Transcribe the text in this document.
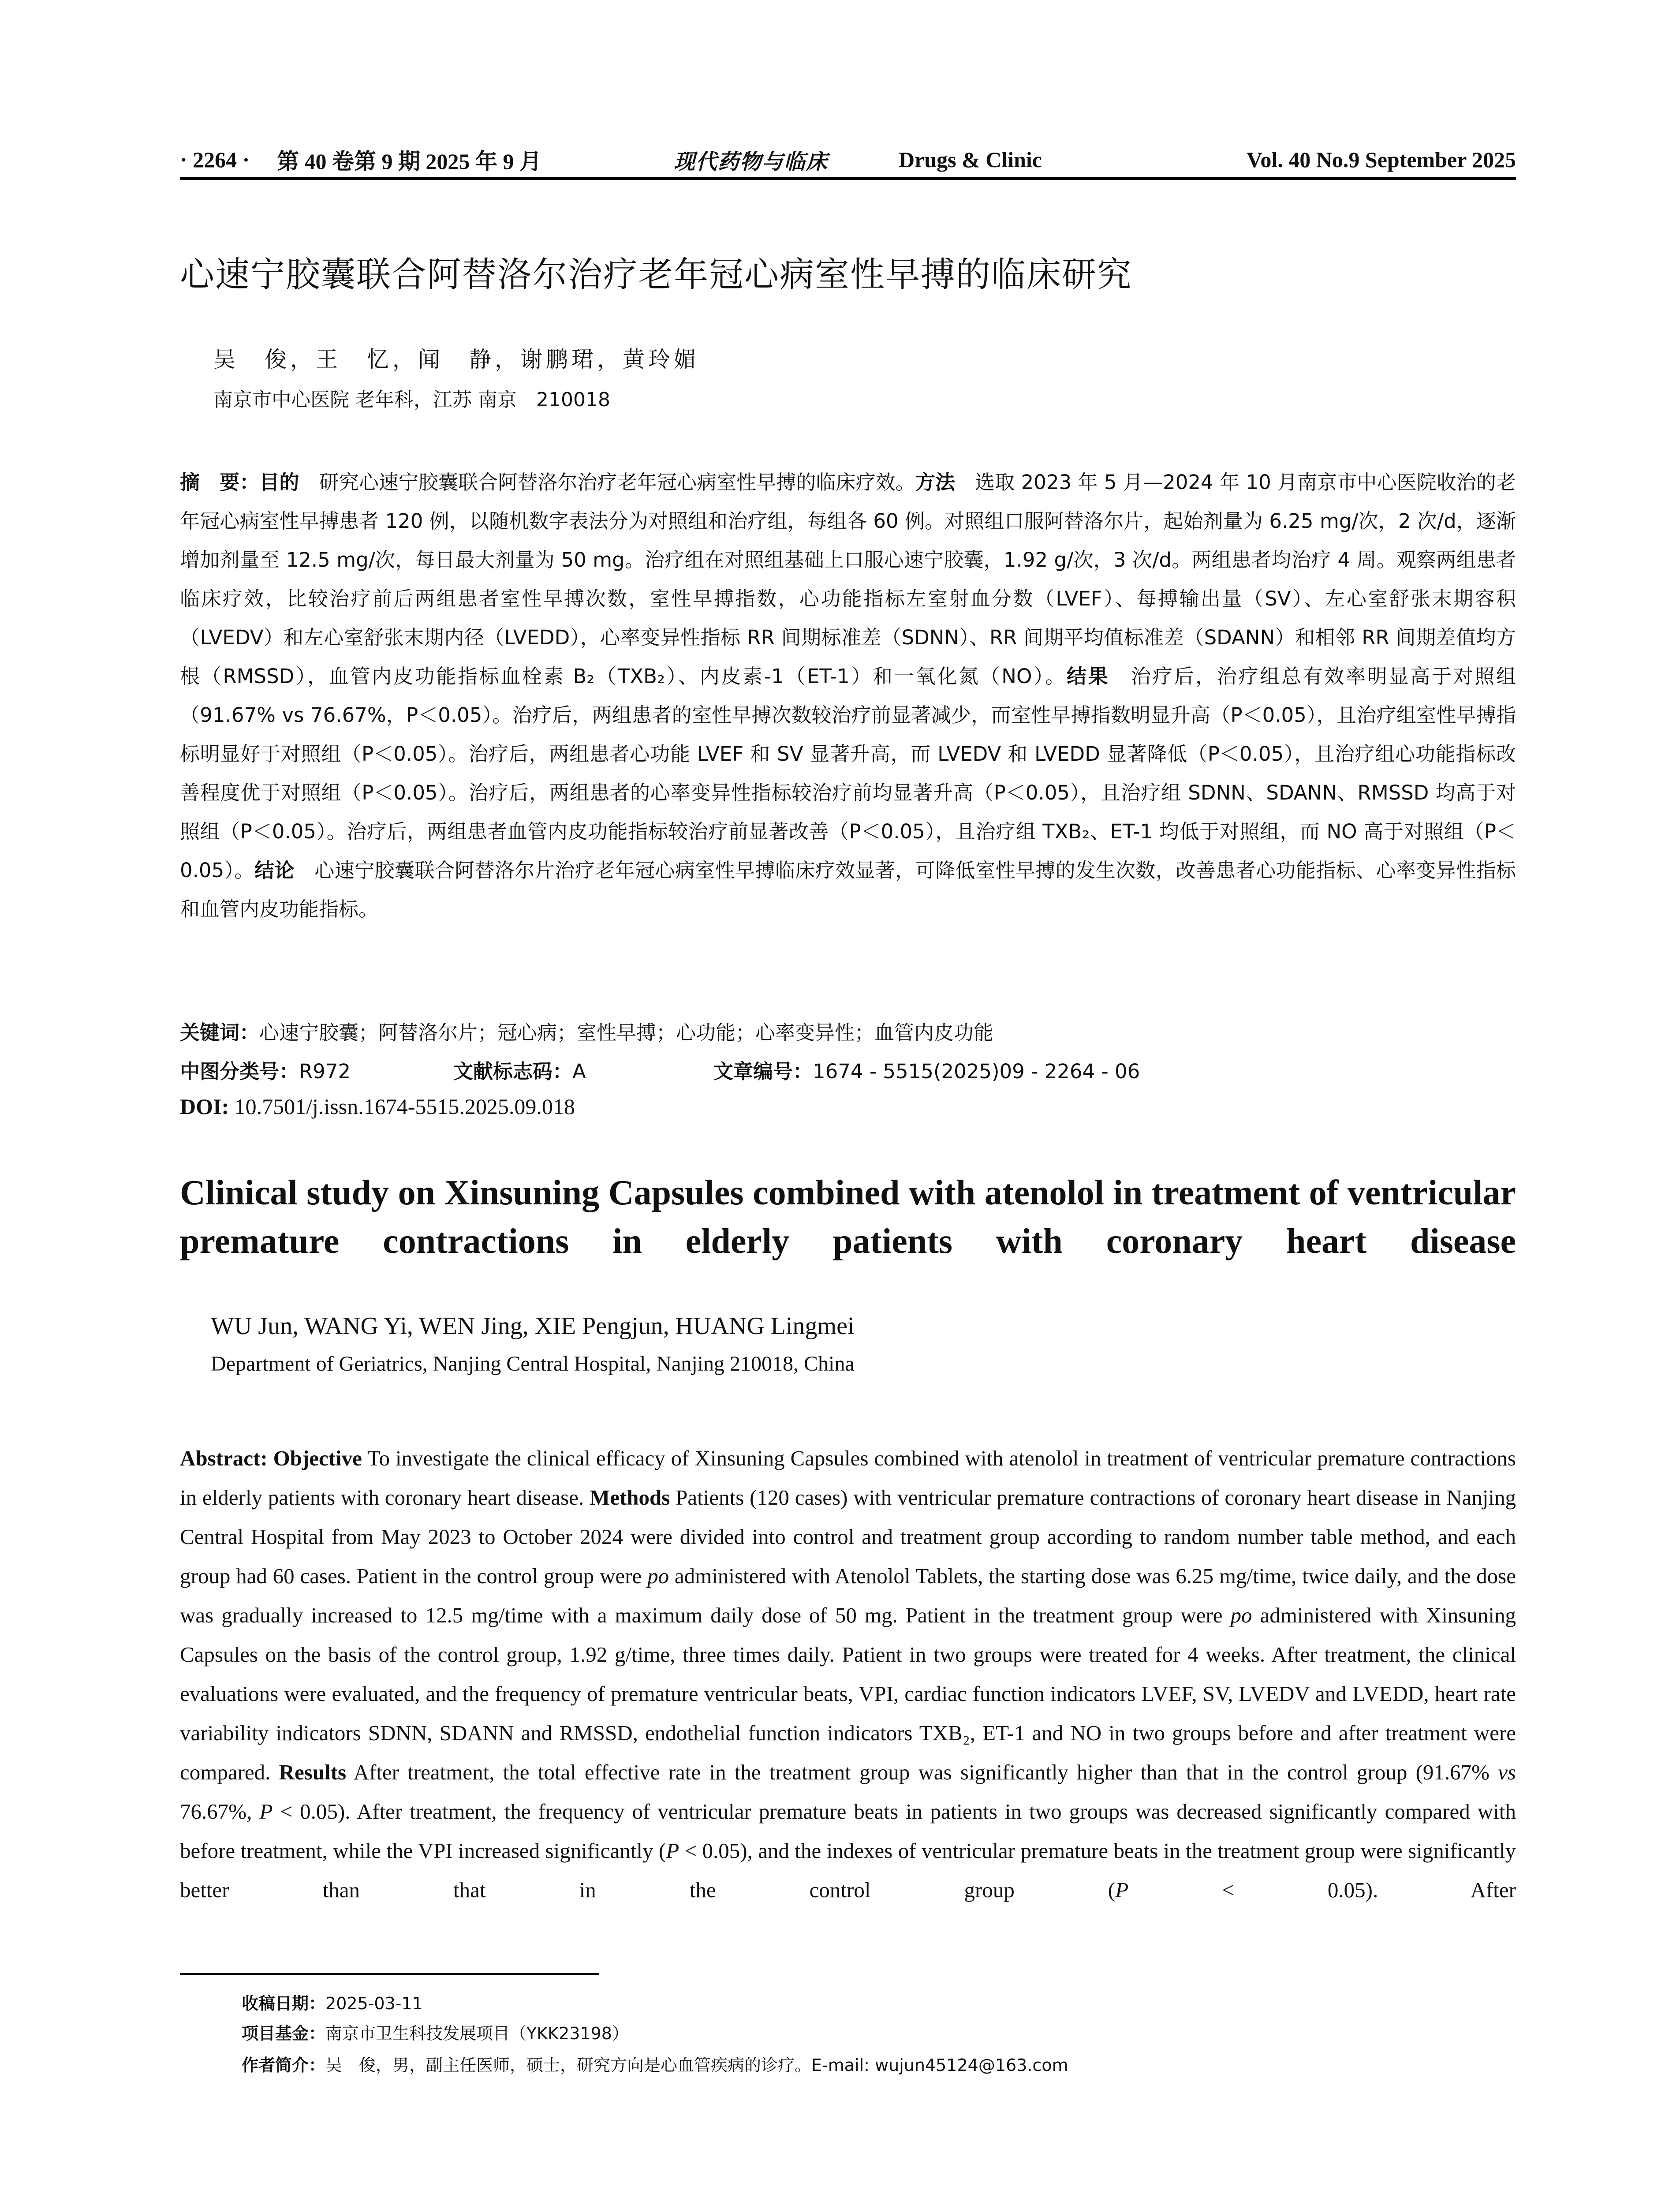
· 2264 ·	第 40 卷第 9 期 2025 年 9 月	现代药物与临床	Drugs & Clinic	Vol. 40 No.9 September 2025
心速宁胶囊联合阿替洛尔治疗老年冠心病室性早搏的临床研究
吴　俊，王　忆，闻　静，谢鹏珺，黄玲媚
南京市中心医院 老年科，江苏 南京　210018
摘　要：目的　研究心速宁胶囊联合阿替洛尔治疗老年冠心病室性早搏的临床疗效。方法　选取 2023 年 5 月—2024 年 10 月南京市中心医院收治的老年冠心病室性早搏患者 120 例，以随机数字表法分为对照组和治疗组，每组各 60 例。对照组口服阿替洛尔片，起始剂量为 6.25 mg/次，2 次/d，逐渐增加剂量至 12.5 mg/次，每日最大剂量为 50 mg。治疗组在对照组基础上口服心速宁胶囊，1.92 g/次，3 次/d。两组患者均治疗 4 周。观察两组患者临床疗效，比较治疗前后两组患者室性早搏次数，室性早搏指数，心功能指标左室射血分数（LVEF）、每搏输出量（SV）、左心室舒张末期容积（LVEDV）和左心室舒张末期内径（LVEDD），心率变异性指标 RR 间期标准差（SDNN）、RR 间期平均值标准差（SDANN）和相邻 RR 间期差值均方根（RMSSD），血管内皮功能指标血栓素 B₂（TXB₂）、内皮素-1（ET-1）和一氧化氮（NO）。结果　治疗后，治疗组总有效率明显高于对照组（91.67% vs 76.67%，P＜0.05）。治疗后，两组患者的室性早搏次数较治疗前显著减少，而室性早搏指数明显升高（P＜0.05），且治疗组室性早搏指标明显好于对照组（P＜0.05）。治疗后，两组患者心功能 LVEF 和 SV 显著升高，而 LVEDV 和 LVEDD 显著降低（P＜0.05），且治疗组心功能指标改善程度优于对照组（P＜0.05）。治疗后，两组患者的心率变异性指标较治疗前均显著升高（P＜0.05），且治疗组 SDNN、SDANN、RMSSD 均高于对照组（P＜0.05）。治疗后，两组患者血管内皮功能指标较治疗前显著改善（P＜0.05），且治疗组 TXB₂、ET-1 均低于对照组，而 NO 高于对照组（P＜0.05）。结论　心速宁胶囊联合阿替洛尔片治疗老年冠心病室性早搏临床疗效显著，可降低室性早搏的发生次数，改善患者心功能指标、心率变异性指标和血管内皮功能指标。
关键词：心速宁胶囊；阿替洛尔片；冠心病；室性早搏；心功能；心率变异性；血管内皮功能
中图分类号：R972	文献标志码：A	文章编号：1674 - 5515(2025)09 - 2264 - 06
DOI: 10.7501/j.issn.1674-5515.2025.09.018
Clinical study on Xinsuning Capsules combined with atenolol in treatment of ventricular premature contractions in elderly patients with coronary heart disease
WU Jun, WANG Yi, WEN Jing, XIE Pengjun, HUANG Lingmei
Department of Geriatrics, Nanjing Central Hospital, Nanjing 210018, China
Abstract: Objective To investigate the clinical efficacy of Xinsuning Capsules combined with atenolol in treatment of ventricular premature contractions in elderly patients with coronary heart disease. Methods Patients (120 cases) with ventricular premature contractions of coronary heart disease in Nanjing Central Hospital from May 2023 to October 2024 were divided into control and treatment group according to random number table method, and each group had 60 cases. Patient in the control group were po administered with Atenolol Tablets, the starting dose was 6.25 mg/time, twice daily, and the dose was gradually increased to 12.5 mg/time with a maximum daily dose of 50 mg. Patient in the treatment group were po administered with Xinsuning Capsules on the basis of the control group, 1.92 g/time, three times daily. Patient in two groups were treated for 4 weeks. After treatment, the clinical evaluations were evaluated, and the frequency of premature ventricular beats, VPI, cardiac function indicators LVEF, SV, LVEDV and LVEDD, heart rate variability indicators SDNN, SDANN and RMSSD, endothelial function indicators TXB₂, ET-1 and NO in two groups before and after treatment were compared. Results After treatment, the total effective rate in the treatment group was significantly higher than that in the control group (91.67% vs 76.67%, P < 0.05). After treatment, the frequency of ventricular premature beats in patients in two groups was decreased significantly compared with before treatment, while the VPI increased significantly (P < 0.05), and the indexes of ventricular premature beats in the treatment group were significantly better than that in the control group (P < 0.05). After
收稿日期：2025-03-11
项目基金：南京市卫生科技发展项目（YKK23198）
作者简介：吴　俊，男，副主任医师，硕士，研究方向是心血管疾病的诊疗。E-mail: wujun45124@163.com
